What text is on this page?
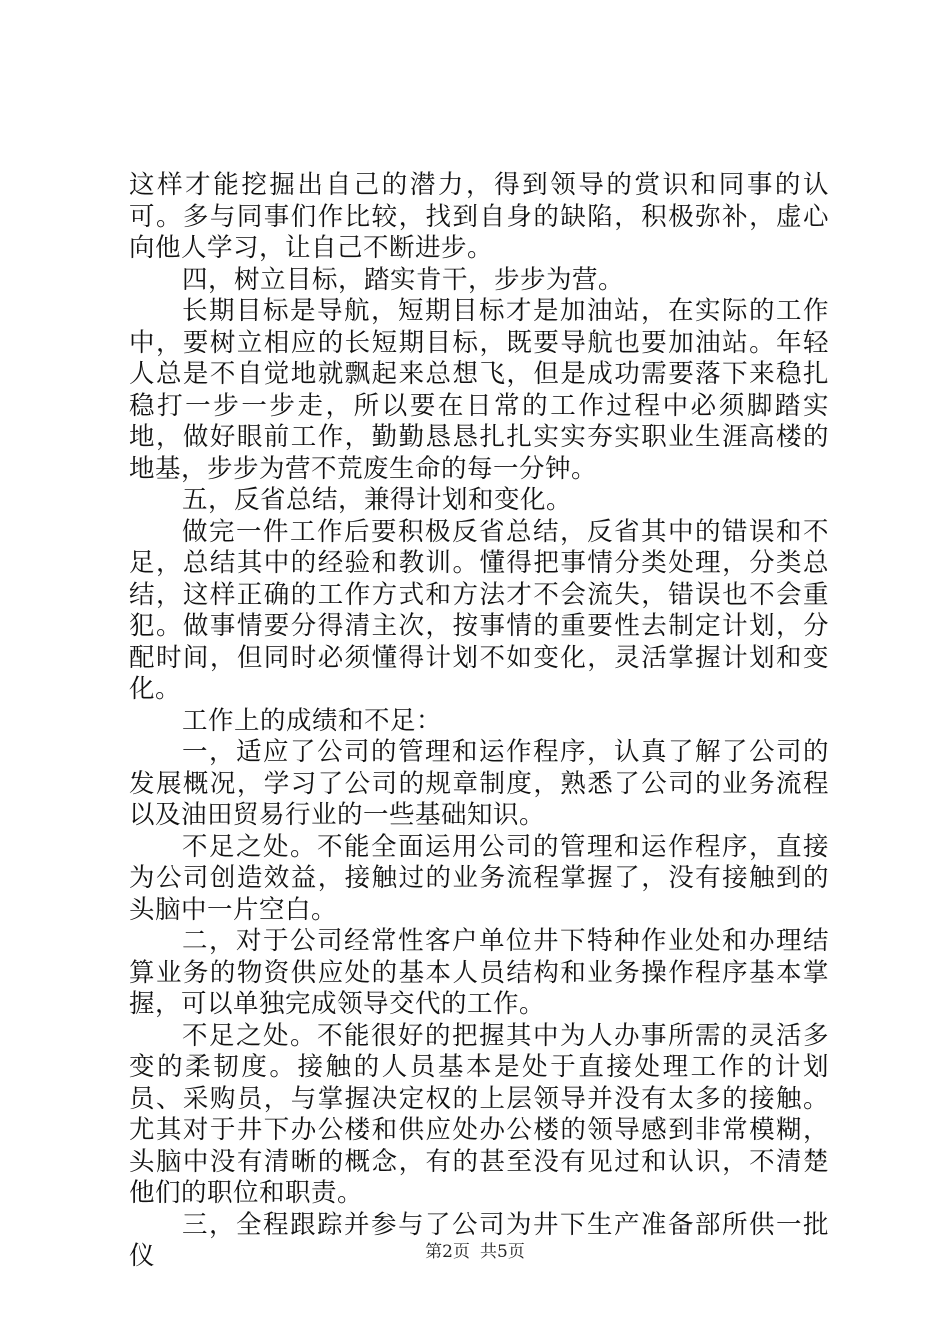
这样才能挖掘出自己的潜力，得到领导的赏识和同事的认可。多与同事们作比较，找到自身的缺陷，积极弥补，虚心向他人学习，让自己不断进步。

四，树立目标，踏实肯干，步步为营。

长期目标是导航，短期目标才是加油站，在实际的工作中，要树立相应的长短期目标，既要导航也要加油站。年轻人总是不自觉地就飘起来总想飞，但是成功需要落下来稳扎稳打一步一步走，所以要在日常的工作过程中必须脚踏实地，做好眼前工作，勤勤恳恳扎扎实实夯实职业生涯高楼的地基，步步为营不荒废生命的每一分钟。

五，反省总结，兼得计划和变化。

做完一件工作后要积极反省总结，反省其中的错误和不足，总结其中的经验和教训。懂得把事情分类处理，分类总结，这样正确的工作方式和方法才不会流失，错误也不会重犯。做事情要分得清主次，按事情的重要性去制定计划，分配时间，但同时必须懂得计划不如变化，灵活掌握计划和变化。

工作上的成绩和不足：

一，适应了公司的管理和运作程序，认真了解了公司的发展概况，学习了公司的规章制度，熟悉了公司的业务流程以及油田贸易行业的一些基础知识。

不足之处。不能全面运用公司的管理和运作程序，直接为公司创造效益，接触过的业务流程掌握了，没有接触到的头脑中一片空白。

二，对于公司经常性客户单位井下特种作业处和办理结算业务的物资供应处的基本人员结构和业务操作程序基本掌握，可以单独完成领导交代的工作。

不足之处。不能很好的把握其中为人办事所需的灵活多变的柔韧度。接触的人员基本是处于直接处理工作的计划员、采购员，与掌握决定权的上层领导并没有太多的接触。尤其对于井下办公楼和供应处办公楼的领导感到非常模糊，头脑中没有清晰的概念，有的甚至没有见过和认识，不清楚他们的职位和职责。

三，全程跟踪并参与了公司为井下生产准备部所供一批仪	第2页 共5页
